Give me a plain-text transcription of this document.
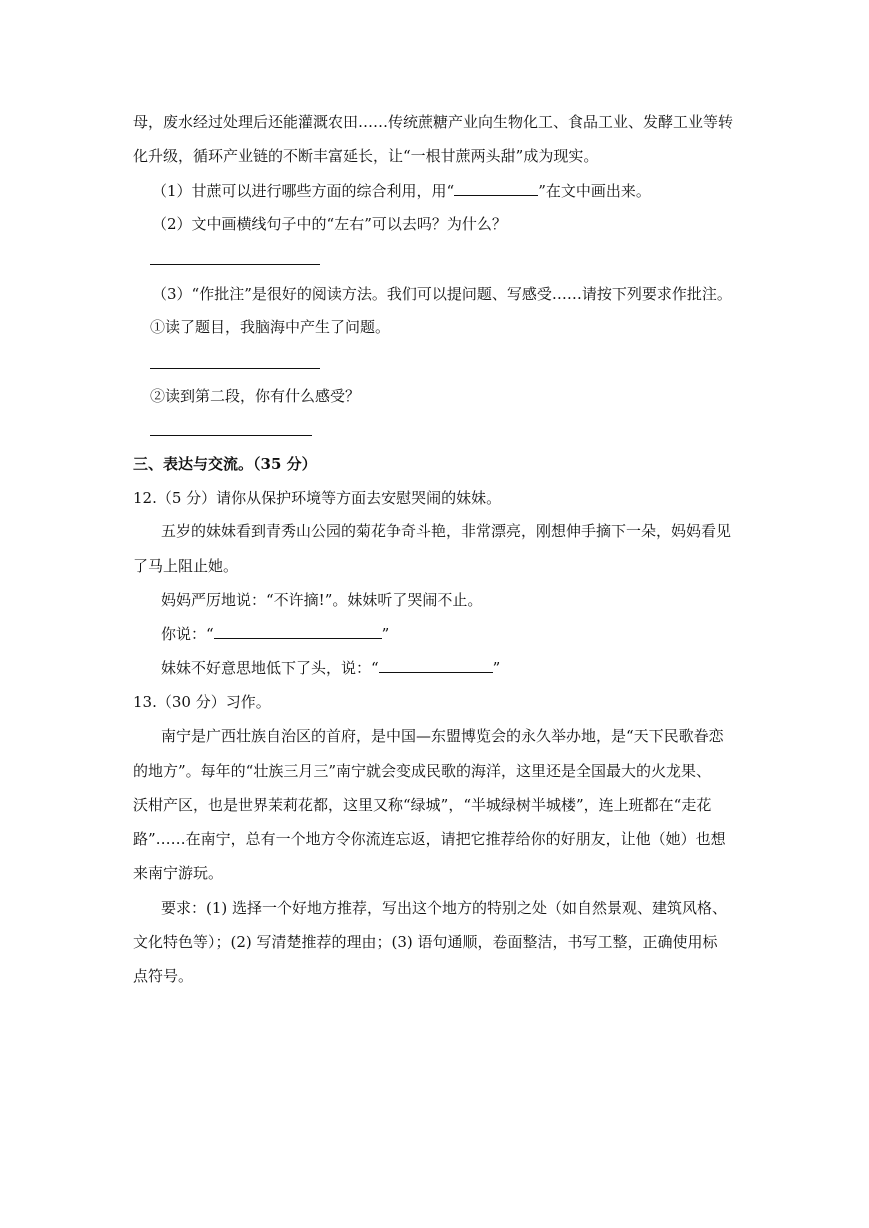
母，废水经过处理后还能灌溉农田……传统蔗糖产业向生物化工、食品工业、发酵工业等转
化升级，循环产业链的不断丰富延长，让“一根甘蔗两头甜”成为现实。
（1）甘蔗可以进行哪些方面的综合利用，用“	”在文中画出来。
（2）文中画横线句子中的“左右”可以去吗？为什么？
（3）“作批注”是很好的阅读方法。我们可以提问题、写感受……请按下列要求作批注。
①读了题目，我脑海中产生了问题。
②读到第二段，你有什么感受？
三、表达与交流。（35 分）
12.（5 分）请你从保护环境等方面去安慰哭闹的妹妹。
五岁的妹妹看到青秀山公园的菊花争奇斗艳，非常漂亮，刚想伸手摘下一朵，妈妈看见
了马上阻止她。
妈妈严厉地说：“不许摘!”。妹妹听了哭闹不止。
你说：“	”
妹妹不好意思地低下了头，说：“	”
13.（30 分）习作。
南宁是广西壮族自治区的首府，是中国—东盟博览会的永久举办地，是“天下民歌眷恋
的地方”。每年的“壮族三月三”南宁就会变成民歌的海洋，这里还是全国最大的火龙果、
沃柑产区，也是世界茉莉花都，这里又称“绿城”，“半城绿树半城楼”，连上班都在“走花
路”……在南宁，总有一个地方令你流连忘返，请把它推荐给你的好朋友，让他（她）也想
来南宁游玩。
要求：(1) 选择一个好地方推荐，写出这个地方的特别之处（如自然景观、建筑风格、
文化特色等）；(2) 写清楚推荐的理由；(3) 语句通顺，卷面整洁，书写工整，正确使用标
点符号。
